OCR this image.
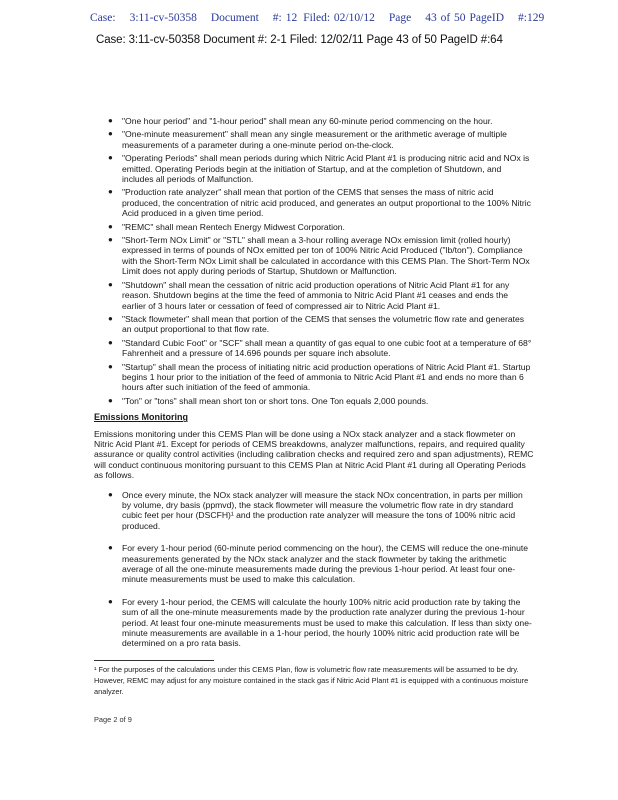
Case: 3:11-cv-50358 Document #: 12 Filed: 02/10/12 Page 43 of 50 PageID #:129
Case: 3:11-cv-50358 Document #: 2-1 Filed: 12/02/11 Page 43 of 50 PageID #:64
● "One hour period" and "1-hour period" shall mean any 60-minute period commencing on the hour.
● "One-minute measurement" shall mean any single measurement or the arithmetic average of multiple measurements of a parameter during a one-minute period on-the-clock.
● "Operating Periods" shall mean periods during which Nitric Acid Plant #1 is producing nitric acid and NOx is emitted. Operating Periods begin at the initiation of Startup, and at the completion of Shutdown, and includes all periods of Malfunction.
● "Production rate analyzer" shall mean that portion of the CEMS that senses the mass of nitric acid produced, the concentration of nitric acid produced, and generates an output proportional to the 100% Nitric Acid produced in a given time period.
● "REMC" shall mean Rentech Energy Midwest Corporation.
● "Short-Term NOx Limit" or "STL" shall mean a 3-hour rolling average NOx emission limit (rolled hourly) expressed in terms of pounds of NOx emitted per ton of 100% Nitric Acid Produced ("lb/ton"). Compliance with the Short-Term NOx Limit shall be calculated in accordance with this CEMS Plan. The Short-Term NOx Limit does not apply during periods of Startup, Shutdown or Malfunction.
● "Shutdown" shall mean the cessation of nitric acid production operations of Nitric Acid Plant #1 for any reason. Shutdown begins at the time the feed of ammonia to Nitric Acid Plant #1 ceases and ends the earlier of 3 hours later or cessation of feed of compressed air to Nitric Acid Plant #1.
● "Stack flowmeter" shall mean that portion of the CEMS that senses the volumetric flow rate and generates an output proportional to that flow rate.
● "Standard Cubic Foot" or "SCF" shall mean a quantity of gas equal to one cubic foot at a temperature of 68° Fahrenheit and a pressure of 14.696 pounds per square inch absolute.
● "Startup" shall mean the process of initiating nitric acid production operations of Nitric Acid Plant #1. Startup begins 1 hour prior to the initiation of the feed of ammonia to Nitric Acid Plant #1 and ends no more than 6 hours after such initiation of the feed of ammonia.
● "Ton" or "tons" shall mean short ton or short tons. One Ton equals 2,000 pounds.
Emissions Monitoring

Emissions monitoring under this CEMS Plan will be done using a NOx stack analyzer and a stack flowmeter on Nitric Acid Plant #1. Except for periods of CEMS breakdowns, analyzer malfunctions, repairs, and required quality assurance or quality control activities (including calibration checks and required zero and span adjustments), REMC will conduct continuous monitoring pursuant to this CEMS Plan at Nitric Acid Plant #1 during all Operating Periods as follows.

● Once every minute, the NOx stack analyzer will measure the stack NOx concentration, in parts per million by volume, dry basis (ppmvd), the stack flowmeter will measure the volumetric flow rate in dry standard cubic feet per hour (DSCFH)¹ and the production rate analyzer will measure the tons of 100% nitric acid produced.
● For every 1-hour period (60-minute period commencing on the hour), the CEMS will reduce the one-minute measurements generated by the NOx stack analyzer and the stack flowmeter by taking the arithmetic average of all the one-minute measurements made during the previous 1-hour period. At least four one-minute measurements must be used to make this calculation.
● For every 1-hour period, the CEMS will calculate the hourly 100% nitric acid production rate by taking the sum of all the one-minute measurements made by the production rate analyzer during the previous 1-hour period. At least four one-minute measurements must be used to make this calculation. If less than sixty one-minute measurements are available in a 1-hour period, the hourly 100% nitric acid production rate will be determined on a pro rata basis.
¹ For the purposes of the calculations under this CEMS Plan, flow is volumetric flow rate measurements will be assumed to be dry. However, REMC may adjust for any moisture contained in the stack gas if Nitric Acid Plant #1 is equipped with a continuous moisture analyzer.
Page 2 of 9
